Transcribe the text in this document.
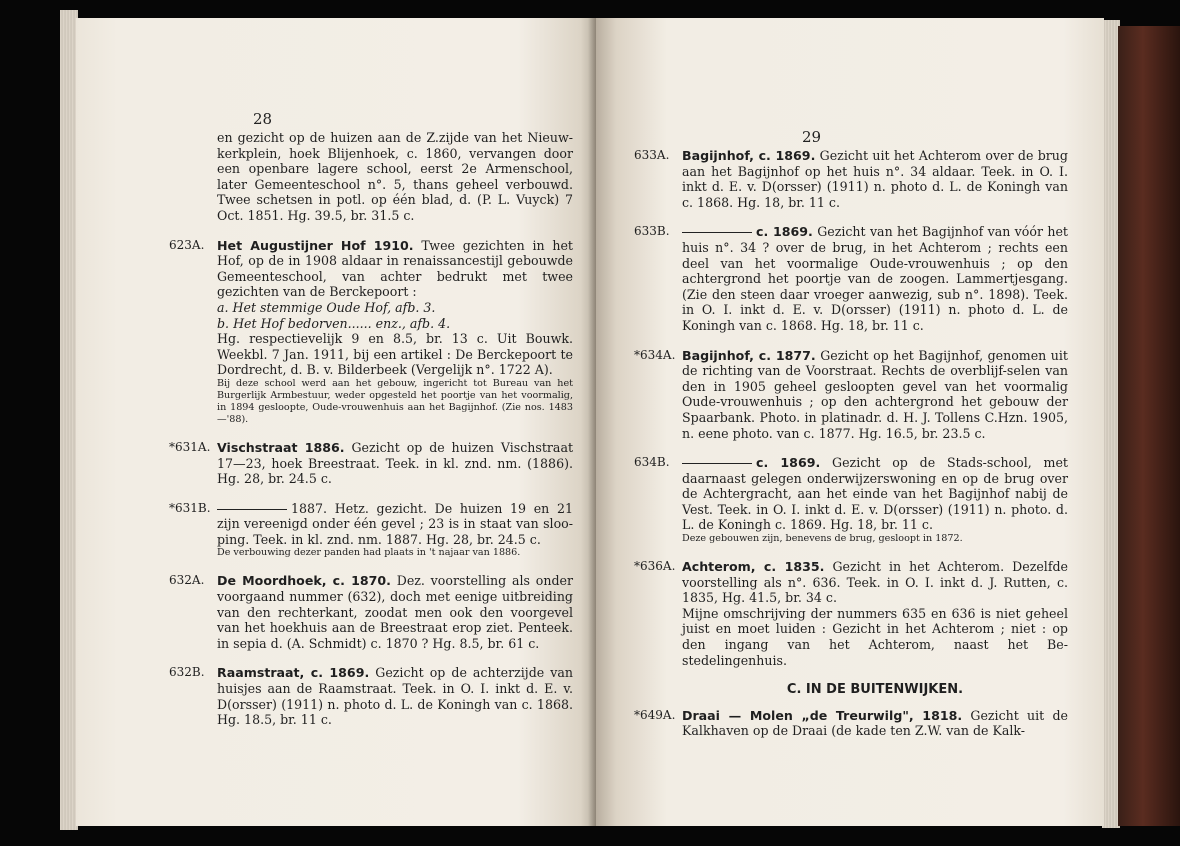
28

en gezicht op de huizen aan de Z.zijde van het Nieuw-kerkplein, hoek Blijenhoek, c. 1860, vervangen door een openbare lagere school, eerst 2e Armenschool, later Gemeenteschool n°. 5, thans geheel verbouwd. Twee schetsen in potl. op één blad, d. (P. L. Vuyck) 7 Oct. 1851. Hg. 39.5, br. 31.5 c.

623A.	Het Augustijner Hof 1910. Twee gezichten in het Hof, op de in 1908 aldaar in renaissancestijl gebouwde Gemeenteschool, van achter bedrukt met twee gezichten van de Berckepoort :

a. Het stemmige Oude Hof, afb. 3.

b. Het Hof bedorven...... enz., afb. 4.

Hg. respectievelijk 9 en 8.5, br. 13 c. Uit Bouwk. Weekbl. 7 Jan. 1911, bij een artikel : De Berckepoort te Dordrecht, d. B. v. Bilderbeek (Vergelijk n°. 1722 A).

Bij deze school werd aan het gebouw, ingericht tot Bureau van het Burgerlijk Armbestuur, weder opgesteld het poortje van het voormalig, in 1894 gesloopte, Oude-vrouwenhuis aan het Bagijnhof. (Zie nos. 1483—'88).

*631A. Vischstraat 1886. Gezicht op de huizen Vischstraat 17—23, hoek Breestraat. Teek. in kl. znd. nm. (1886). Hg. 28, br. 24.5 c.

*631B.	1887. Hetz. gezicht. De huizen 19 en 21 zijn vereenigd onder één gevel ; 23 is in staat van sloo-ping. Teek. in kl. znd. nm. 1887. Hg. 28, br. 24.5 c.

De verbouwing dezer panden had plaats in 't najaar van 1886.

632A.	De Moordhoek, c. 1870. Dez. voorstelling als onder voorgaand nummer (632), doch met eenige uitbreiding van den rechterkant, zoodat men ook den voorgevel van het hoekhuis aan de Breestraat erop ziet. Penteek. in sepia d. (A. Schmidt) c. 1870 ? Hg. 8.5, br. 61 c.

632B. Raamstraat, c. 1869. Gezicht op de achterzijde van huisjes aan de Raamstraat. Teek. in O. I. inkt d. E. v. D(orsser) (1911) n. photo d. L. de Koningh van c. 1868. Hg. 18.5, br. 11 c.

29
633A.	Bagijnhof, c. 1869. Gezicht uit het Achterom over de brug aan het Bagijnhof op het huis n°. 34 aldaar. Teek. in O. I. inkt d. E. v. D(orsser) (1911) n. photo d. L. de Koningh van c. 1868. Hg. 18, br. 11 c.

633B.	c. 1869. Gezicht van het Bagijnhof van vóór het huis n°. 34 ? over de brug, in het Achterom ; rechts een deel van het voormalige Oude-vrouwenhuis ; op den achtergrond het poortje van de zoogen. Lammertjesgang. (Zie den steen daar vroeger aanwezig, sub n°. 1898). Teek. in O. I. inkt d. E. v. D(orsser) (1911) n. photo d. L. de Koningh van c. 1868. Hg. 18, br. 11 c.

*634A. Bagijnhof, c. 1877. Gezicht op het Bagijnhof, genomen uit de richting van de Voorstraat. Rechts de overblijf-selen van den in 1905 geheel gesloopten gevel van het voormalig Oude-vrouwenhuis ; op den achtergrond het gebouw der Spaarbank. Photo. in platinadr. d. H. J. Tollens C.Hzn. 1905, n. eene photo. van c. 1877. Hg. 16.5, br. 23.5 c.

634B.	c. 1869. Gezicht op de Stads-school, met daarnaast gelegen onderwijzerswoning en op de brug over de Achtergracht, aan het einde van het Bagijnhof nabij de Vest. Teek. in O. I. inkt d. E. v. D(orsser) (1911) n. photo. d. L. de Koningh c. 1869. Hg. 18, br. 11 c.

Deze gebouwen zijn, benevens de brug, gesloopt in 1872.

*636A. Achterom, c. 1835. Gezicht in het Achterom. Dezelfde voorstelling als n°. 636. Teek. in O. I. inkt d. J. Rutten, c. 1835, Hg. 41.5, br. 34 c.

Mijne omschrijving der nummers 635 en 636 is niet geheel juist en moet luiden : Gezicht in het Achterom ; niet : op den ingang van het Achterom, naast het Be-stedelingenhuis.

C. IN DE BUITENWIJKEN.

*649A. Draai — Molen „de Treurwilg", 1818. Gezicht uit de Kalkhaven op de Draai (de kade ten Z.W. van de Kalk-
